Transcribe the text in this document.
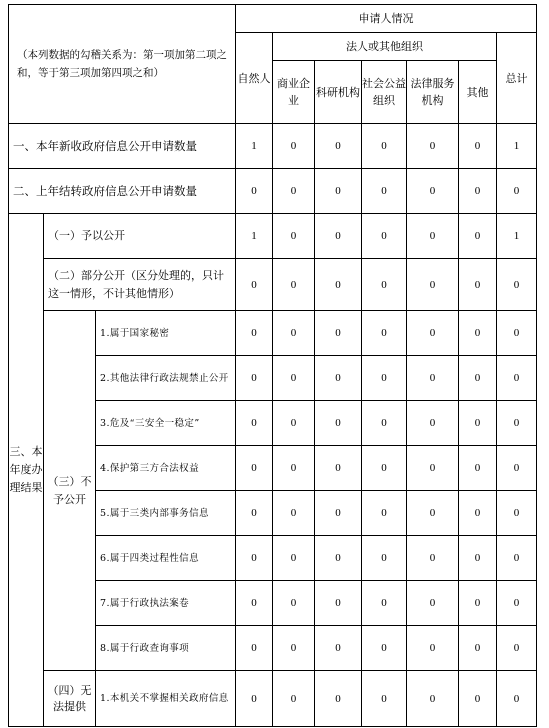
（本列数据的勾稽关系为：第一项加第二项之和，等于第三项加第四项之和）			申请人情况						
			自然人	法人或其他组织					总计
				商业企业	科研机构	社会公益组织	法律服务机构	其他	
一、本年新收政府信息公开申请数量			1	0	0	0	0	0	1
二、上年结转政府信息公开申请数量			0	0	0	0	0	0	0
三、本年度办理结果	（一）予以公开		1	0	0	0	0	0	1
	（二）部分公开（区分处理的，只计这一情形，不计其他情形）		0	0	0	0	0	0	0
	（三）不予公开	1.属于国家秘密	0	0	0	0	0	0	0
		2.其他法律行政法规禁止公开	0	0	0	0	0	0	0
		3.危及“三安全一稳定”	0	0	0	0	0	0	0
		4.保护第三方合法权益	0	0	0	0	0	0	0
		5.属于三类内部事务信息	0	0	0	0	0	0	0
		6.属于四类过程性信息	0	0	0	0	0	0	0
		7.属于行政执法案卷	0	0	0	0	0	0	0
		8.属于行政查询事项	0	0	0	0	0	0	0
	（四）无法提供	1.本机关不掌握相关政府信息	0	0	0	0	0	0	0
